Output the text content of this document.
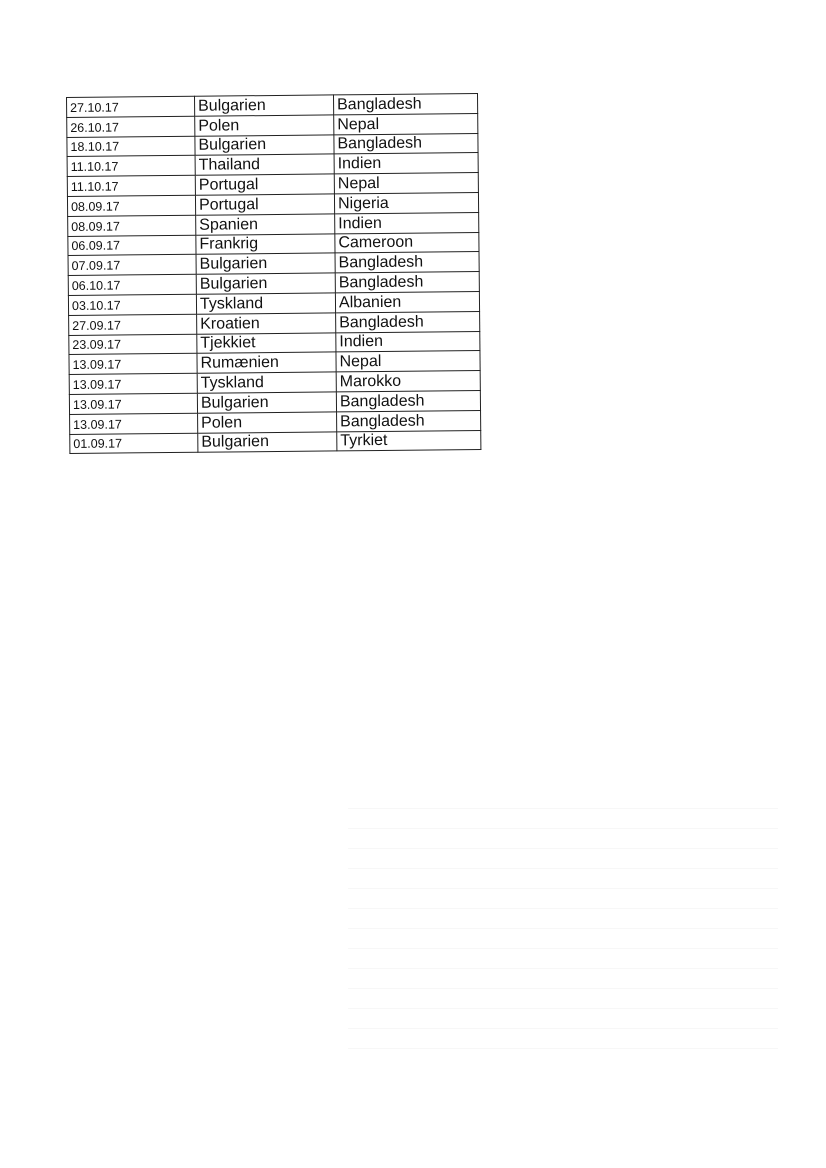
27.10.17	Bulgarien	Bangladesh
26.10.17	Polen	Nepal
18.10.17	Bulgarien	Bangladesh
11.10.17	Thailand	Indien
11.10.17	Portugal	Nepal
08.09.17	Portugal	Nigeria
08.09.17	Spanien	Indien
06.09.17	Frankrig	Cameroon
07.09.17	Bulgarien	Bangladesh
06.10.17	Bulgarien	Bangladesh
03.10.17	Tyskland	Albanien
27.09.17	Kroatien	Bangladesh
23.09.17	Tjekkiet	Indien
13.09.17	Rumænien	Nepal
13.09.17	Tyskland	Marokko
13.09.17	Bulgarien	Bangladesh
13.09.17	Polen	Bangladesh
01.09.17	Bulgarien	Tyrkiet
